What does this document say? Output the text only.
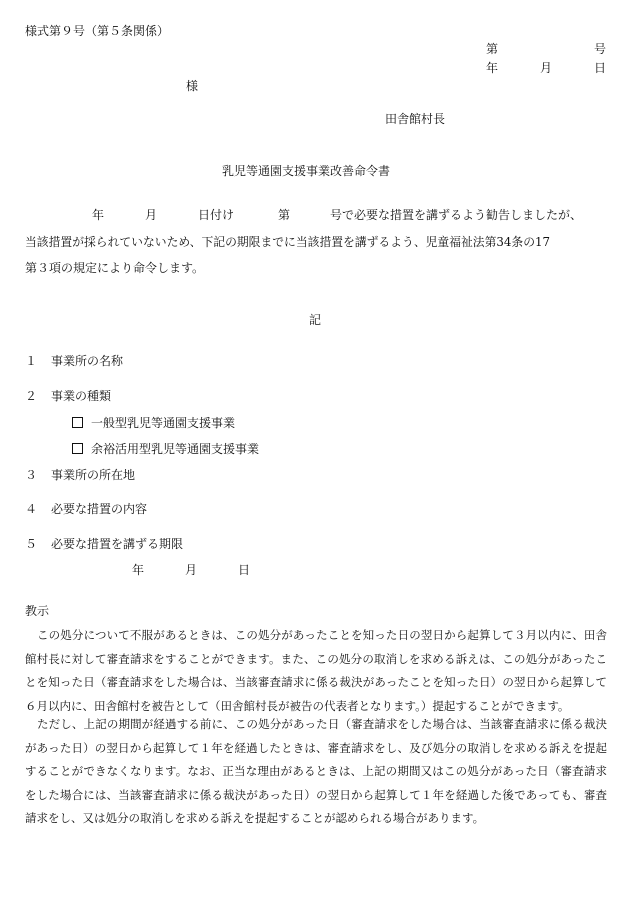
様式第９号（第５条関係）
第	号
年	月	日
様
田舎館村長
乳児等通園支援事業改善命令書
年	月	日付け	第	号で必要な措置を講ずるよう勧告しましたが、
当該措置が採られていないため、下記の期限までに当該措置を講ずるよう、児童福祉法第34条の17
第３項の規定により命令します。
記
１ 事業所の名称
２ 事業の種類
一般型乳児等通園支援事業
余裕活用型乳児等通園支援事業
３ 事業所の所在地
４ 必要な措置の内容
５ 必要な措置を講ずる期限
年	月	日
教示
この処分について不服があるときは、この処分があったことを知った日の翌日から起算して３月以内に、田舎館村長に対して審査請求をすることができます。また、この処分の取消しを求める訴えは、この処分があったことを知った日（審査請求をした場合は、当該審査請求に係る裁決があったことを知った日）の翌日から起算して６月以内に、田舎館村を被告として（田舎館村長が被告の代表者となります。）提起することができます。
ただし、上記の期間が経過する前に、この処分があった日（審査請求をした場合は、当該審査請求に係る裁決があった日）の翌日から起算して１年を経過したときは、審査請求をし、及び処分の取消しを求める訴えを提起することができなくなります。なお、正当な理由があるときは、上記の期間又はこの処分があった日（審査請求をした場合には、当該審査請求に係る裁決があった日）の翌日から起算して１年を経過した後であっても、審査請求をし、又は処分の取消しを求める訴えを提起することが認められる場合があります。
